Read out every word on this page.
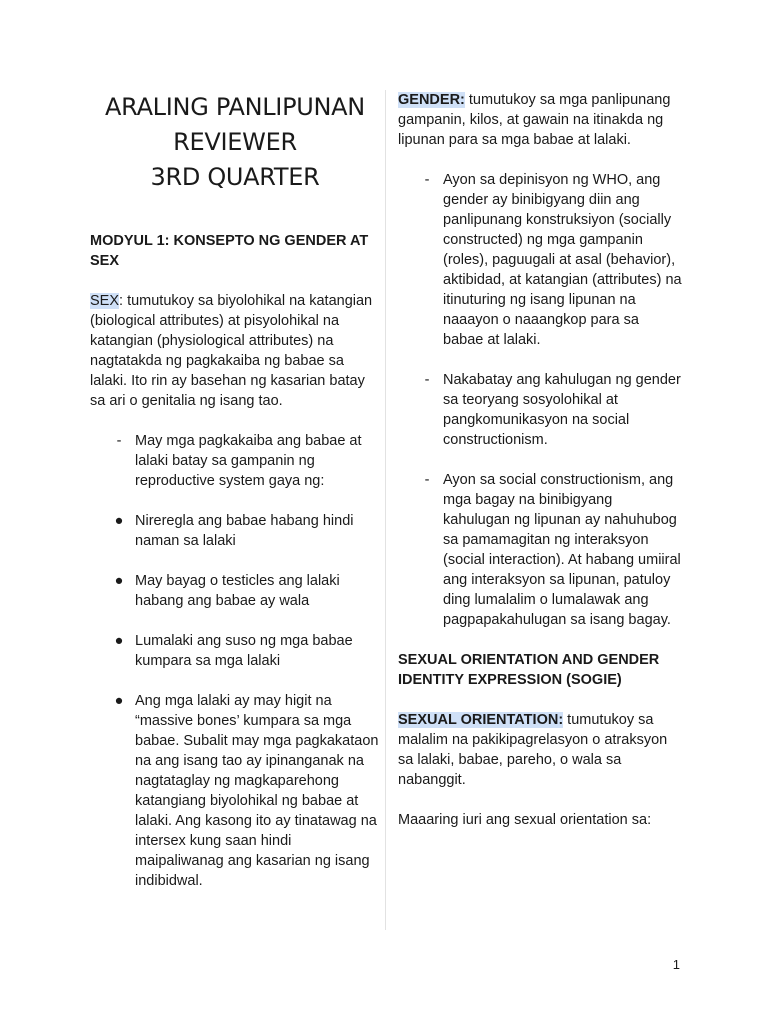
ARALING PANLIPUNAN
REVIEWER
3RD QUARTER

MODYUL 1: KONSEPTO NG GENDER AT SEX

SEX: tumutukoy sa biyolohikal na katangian (biological attributes) at pisyolohikal na katangian (physiological attributes) na nagtatakda ng pagkakaiba ng babae sa lalaki. Ito rin ay basehan ng kasarian batay sa ari o genitalia ng isang tao.

- May mga pagkakaiba ang babae at lalaki batay sa gampanin ng reproductive system gaya ng:
● Nireregla ang babae habang hindi naman sa lalaki
● May bayag o testicles ang lalaki habang ang babae ay wala
● Lumalaki ang suso ng mga babae kumpara sa mga lalaki
● Ang mga lalaki ay may higit na “massive bones’ kumpara sa mga babae. Subalit may mga pagkakataon na ang isang tao ay ipinanganak na nagtataglay ng magkaparehong katangiang biyolohikal ng babae at lalaki. Ang kasong ito ay tinatawag na intersex kung saan hindi maipaliwanag ang kasarian ng isang indibidwal.

GENDER: tumutukoy sa mga panlipunang gampanin, kilos, at gawain na itinakda ng lipunan para sa mga babae at lalaki.

- Ayon sa depinisyon ng WHO, ang gender ay binibigyang diin ang panlipunang konstruksiyon (socially constructed) ng mga gampanin (roles), paguugali at asal (behavior), aktibidad, at katangian (attributes) na itinuturing ng isang lipunan na naaayon o naaangkop para sa babae at lalaki.
- Nakabatay ang kahulugan ng gender sa teoryang sosyolohikal at pangkomunikasyon na social constructionism.
- Ayon sa social constructionism, ang mga bagay na binibigyang kahulugan ng lipunan ay nahuhubog sa pamamagitan ng interaksyon (social interaction). At habang umiiral ang interaksyon sa lipunan, patuloy ding lumalalim o lumalawak ang pagpapakahulugan sa isang bagay.

SEXUAL ORIENTATION AND GENDER IDENTITY EXPRESSION (SOGIE)

SEXUAL ORIENTATION: tumutukoy sa malalim na pakikipagrelasyon o atraksyon sa lalaki, babae, pareho, o wala sa nabanggit.

Maaaring iuri ang sexual orientation sa:

1
